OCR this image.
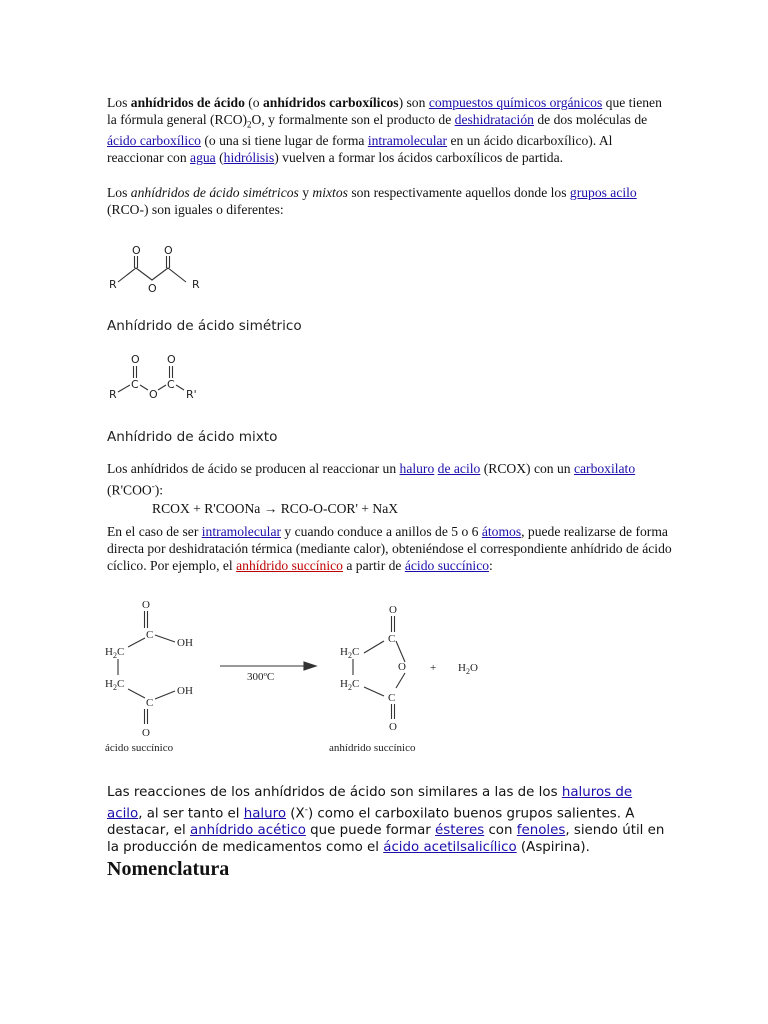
Los anhídridos de ácido (o anhídridos carboxílicos) son compuestos químicos orgánicos que tienen la fórmula general $(RCO)_2O$, y formalmente son el producto de deshidratación de dos moléculas de ácido carboxílico (o una si tiene lugar de forma intramolecular en un ácido dicarboxílico). Al reaccionar con agua (hidrólisis) vuelven a formar los ácidos carboxílicos de partida.

Los anhídridos de ácido simétricos y mixtos son respectivamente aquellos donde los grupos acilo (RCO-) son iguales o diferentes:

O O
O
R	R
Anhídrido de ácido simétrico
O O
C	C
O
R	R'
Anhídrido de ácido mixto

Los anhídridos de ácido se producen al reaccionar un haluro de acilo (RCOX) con un carboxilato (R'COO-):

RCOX + R'COONa → RCO-O-COR' + NaX

En el caso de ser intramolecular y cuando conduce a anillos de 5 o 6 átomos, puede realizarse de forma directa por deshidratación térmica (mediante calor), obteniéndose el correspondiente anhídrido de ácido cíclico. Por ejemplo, el anhídrido succínico a partir de ácido succínico:

O
C
OH
$H_2C$
$H_2C$
C
OH
O
ácido succínico
300ºC
O
C
O
$H_2C$
$H_2C$
C
O
anhídrido succínico
+ $H_2O$

Las reacciones de los anhídridos de ácido son similares a las de los haluros de acilo, al ser tanto el haluro (X-) como el carboxilato buenos grupos salientes. A destacar, el anhídrido acético que puede formar ésteres con fenoles, siendo útil en la producción de medicamentos como el ácido acetilsalicílico (Aspirina).

Nomenclatura
